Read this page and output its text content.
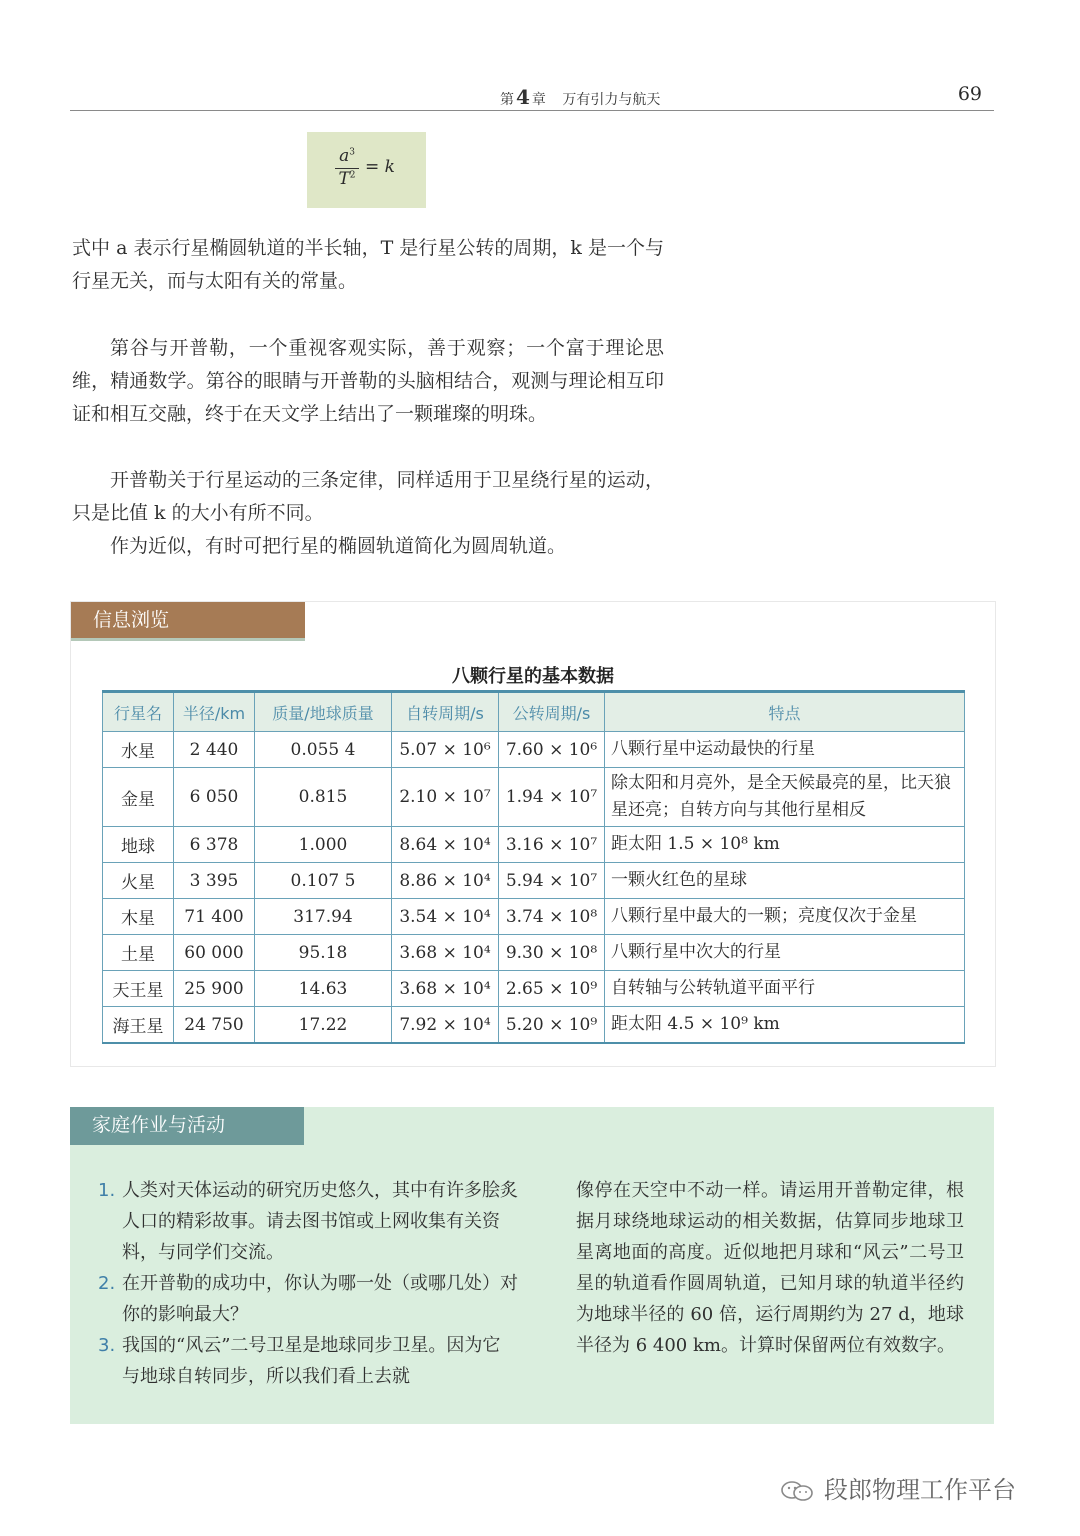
第 4 章 万有引力与航天	69
$\frac{a^3}{T^2} = k$

式中 a 表示行星椭圆轨道的半长轴，T 是行星公转的周期，k 是一个与行星无关，而与太阳有关的常量。

第谷与开普勒，一个重视客观实际，善于观察；一个富于理论思维，精通数学。第谷的眼睛与开普勒的头脑相结合，观测与理论相互印证和相互交融，终于在天文学上结出了一颗璀璨的明珠。

开普勒关于行星运动的三条定律，同样适用于卫星绕行星的运动，只是比值 k 的大小有所不同。

作为近似，有时可把行星的椭圆轨道简化为圆周轨道。

信息浏览
八颗行星的基本数据
行星名	半径/km	质量/地球质量	自转周期/s	公转周期/s	特点
水星	2 440	0.055 4	5.07 × 10⁶	7.60 × 10⁶	八颗行星中运动最快的行星
金星	6 050	0.815	2.10 × 10⁷	1.94 × 10⁷	除太阳和月亮外，是全天候最亮的星，比天狼星还亮；自转方向与其他行星相反
地球	6 378	1.000	8.64 × 10⁴	3.16 × 10⁷	距太阳 1.5 × 10⁸ km
火星	3 395	0.107 5	8.86 × 10⁴	5.94 × 10⁷	一颗火红色的星球
木星	71 400	317.94	3.54 × 10⁴	3.74 × 10⁸	八颗行星中最大的一颗；亮度仅次于金星
土星	60 000	95.18	3.68 × 10⁴	9.30 × 10⁸	八颗行星中次大的行星
天王星	25 900	14.63	3.68 × 10⁴	2.65 × 10⁹	自转轴与公转轨道平面平行
海王星	24 750	17.22	7.92 × 10⁴	5.20 × 10⁹	距太阳 4.5 × 10⁹ km
家庭作业与活动
1. 人类对天体运动的研究历史悠久，其中有许多脍炙人口的精彩故事。请去图书馆或上网收集有关资料，与同学们交流。
2. 在开普勒的成功中，你认为哪一处（或哪几处）对你的影响最大？
3. 我国的“风云”二号卫星是地球同步卫星。因为它与地球自转同步，所以我们看上去就

像停在天空中不动一样。请运用开普勒定律，根据月球绕地球运动的相关数据，估算同步地球卫星离地面的高度。近似地把月球和“风云”二号卫星的轨道看作圆周轨道，已知月球的轨道半径约为地球半径的 60 倍，运行周期约为 27 d，地球半径为 6 400 km。计算时保留两位有效数字。

段郎物理工作平台
